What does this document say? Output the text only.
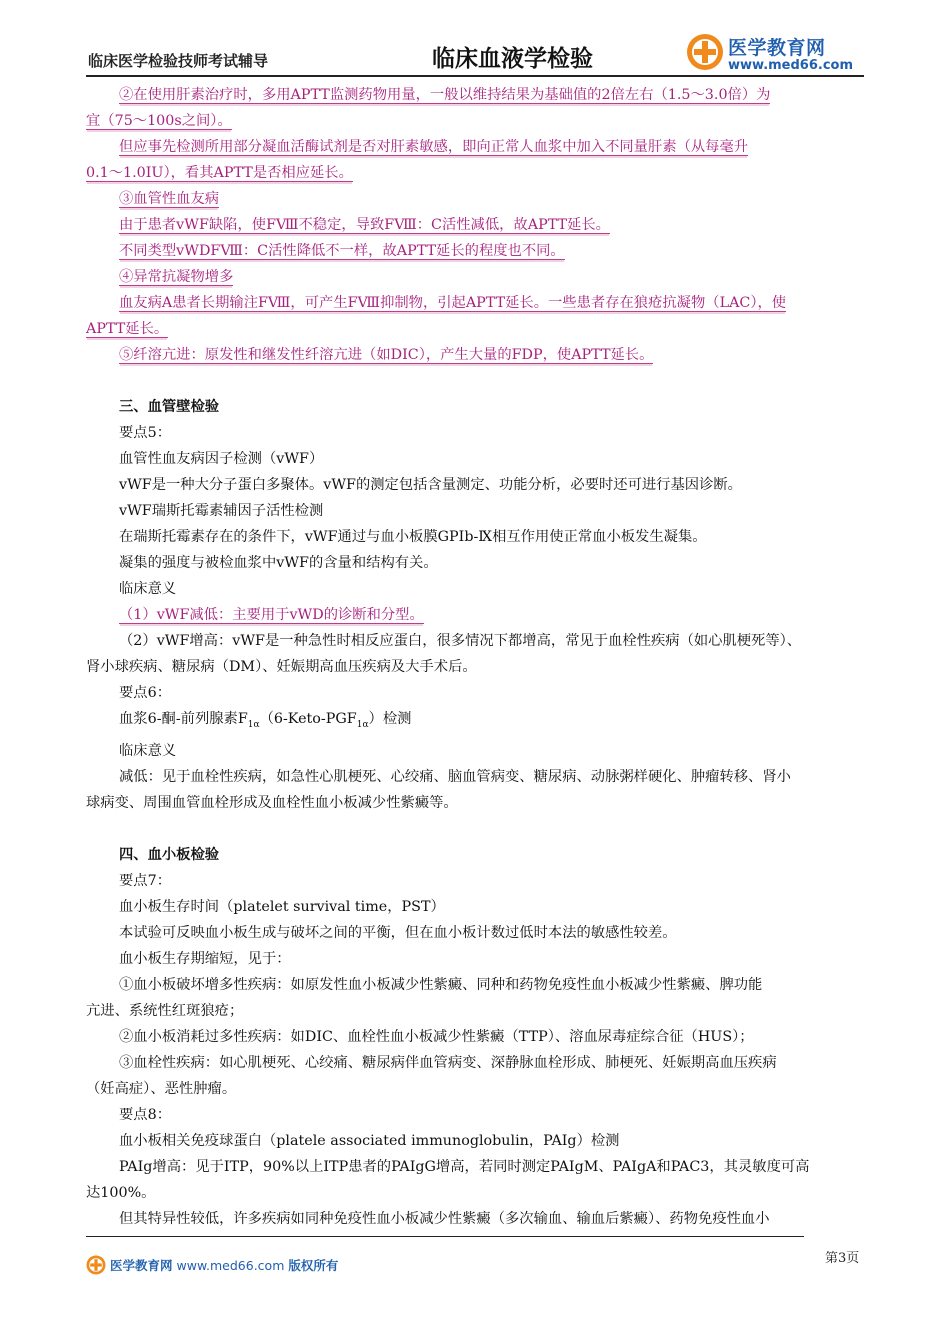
临床医学检验技师考试辅导	临床血液学检验	医学教育网
www.med66.com

②在使用肝素治疗时，多用APTT监测药物用量，一般以维持结果为基础值的2倍左右（1.5～3.0倍）为

宜（75～100s之间）。

但应事先检测所用部分凝血活酶试剂是否对肝素敏感，即向正常人血浆中加入不同量肝素（从每毫升

0.1～1.0IU），看其APTT是否相应延长。

③血管性血友病

由于患者vWF缺陷，使FⅧ不稳定，导致FⅧ：C活性减低，故APTT延长。

不同类型vWDFⅧ：C活性降低不一样，故APTT延长的程度也不同。

④异常抗凝物增多

血友病A患者长期输注FⅧ，可产生FⅧ抑制物，引起APTT延长。一些患者存在狼疮抗凝物（LAC），使

APTT延长。

⑤纤溶亢进：原发性和继发性纤溶亢进（如DIC），产生大量的FDP，使APTT延长。

三、血管壁检验

要点5：

血管性血友病因子检测（vWF）

vWF是一种大分子蛋白多聚体。vWF的测定包括含量测定、功能分析，必要时还可进行基因诊断。

vWF瑞斯托霉素辅因子活性检测

在瑞斯托霉素存在的条件下，vWF通过与血小板膜GPⅠb-Ⅸ相互作用使正常血小板发生凝集。

凝集的强度与被检血浆中vWF的含量和结构有关。

临床意义

（1）vWF减低：主要用于vWD的诊断和分型。

（2）vWF增高：vWF是一种急性时相反应蛋白，很多情况下都增高，常见于血栓性疾病（如心肌梗死等）、

肾小球疾病、糖尿病（DM）、妊娠期高血压疾病及大手术后。

要点6：

血浆6-酮-前列腺素$F_{1\alpha}(6-Keto-PGF_{1\alpha})$检测

临床意义

减低：见于血栓性疾病，如急性心肌梗死、心绞痛、脑血管病变、糖尿病、动脉粥样硬化、肿瘤转移、肾小

球病变、周围血管血栓形成及血栓性血小板减少性紫癜等。

四、血小板检验

要点7：

血小板生存时间（platelet survival time，PST）

本试验可反映血小板生成与破坏之间的平衡，但在血小板计数过低时本法的敏感性较差。

血小板生存期缩短，见于：

①血小板破坏增多性疾病：如原发性血小板减少性紫癜、同种和药物免疫性血小板减少性紫癜、脾功能

亢进、系统性红斑狼疮；

②血小板消耗过多性疾病：如DIC、血栓性血小板减少性紫癜（TTP）、溶血尿毒症综合征（HUS）；

③血栓性疾病：如心肌梗死、心绞痛、糖尿病伴血管病变、深静脉血栓形成、肺梗死、妊娠期高血压疾病

（妊高症）、恶性肿瘤。

要点8：

血小板相关免疫球蛋白（platele associated immunoglobulin，PAIg）检测

PAIg增高：见于ITP，90%以上ITP患者的PAIgG增高，若同时测定PAIgM、PAIgA和PAC3，其灵敏度可高

达100%。

但其特异性较低，许多疾病如同种免疫性血小板减少性紫癜（多次输血、输血后紫癜）、药物免疫性血小

第3页
医学教育网 www.med66.com 版权所有
